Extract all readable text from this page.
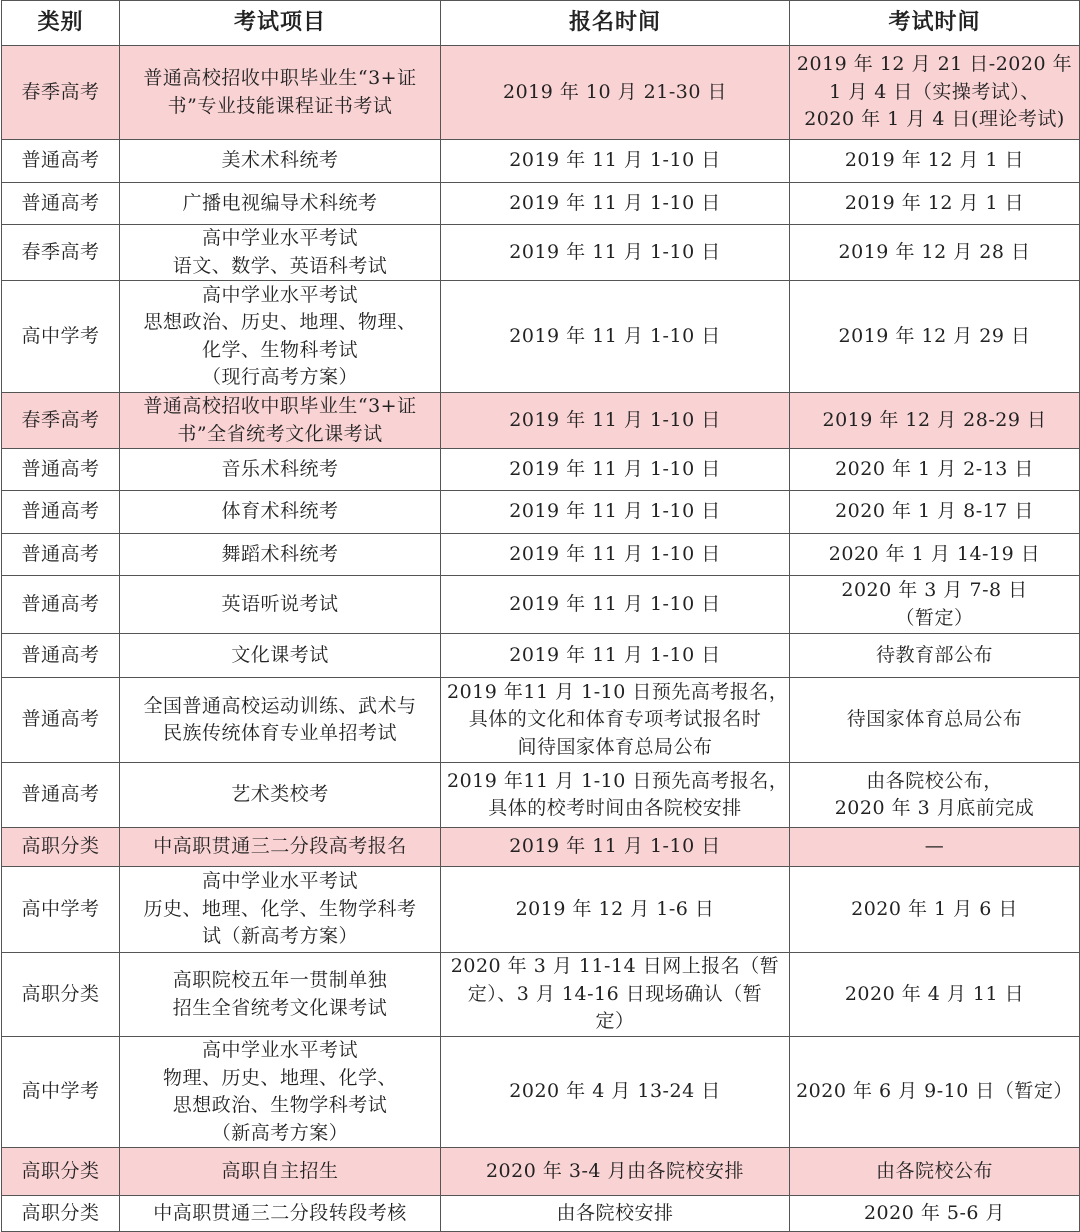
类别	考试项目	报名时间	考试时间
春季高考	普通高校招收中职毕业生“3+证
书”专业技能课程证书考试	2019 年 10 月 21-30 日	2019 年 12 月 21 日-2020 年
1 月 4 日（实操考试）、
2020 年 1 月 4 日(理论考试)

普通高考	美术术科统考	2019 年 11 月 1-10 日	2019 年 12 月 1 日

普通高考	广播电视编导术科统考	2019 年 11 月 1-10 日	2019 年 12 月 1 日

春季高考	高中学业水平考试
语文、数学、英语科考试	2019 年 11 月 1-10 日	2019 年 12 月 28 日

高中学考	高中学业水平考试
思想政治、历史、地理、物理、
化学、生物科考试
（现行高考方案）	2019 年 11 月 1-10 日	2019 年 12 月 29 日

春季高考	普通高校招收中职毕业生“3+证
书”全省统考文化课考试	2019 年 11 月 1-10 日	2019 年 12 月 28-29 日

普通高考	音乐术科统考	2019 年 11 月 1-10 日	2020 年 1 月 2-13 日

普通高考	体育术科统考	2019 年 11 月 1-10 日	2020 年 1 月 8-17 日

普通高考	舞蹈术科统考	2019 年 11 月 1-10 日	2020 年 1 月 14-19 日

普通高考	英语听说考试	2019 年 11 月 1-10 日	2020 年 3 月 7-8 日
（暂定）

普通高考	文化课考试	2019 年 11 月 1-10 日	待教育部公布

普通高考	全国普通高校运动训练、武术与
民族传统体育专业单招考试	2019 年11 月 1-10 日预先高考报名，
具体的文化和体育专项考试报名时
间待国家体育总局公布	待国家体育总局公布

普通高考	艺术类校考	2019 年11 月 1-10 日预先高考报名，
具体的校考时间由各院校安排	由各院校公布，
2020 年 3 月底前完成

高职分类	中高职贯通三二分段高考报名	2019 年 11 月 1-10 日	—

高中学考	高中学业水平考试
历史、地理、化学、生物学科考
试（新高考方案）	2019 年 12 月 1-6 日	2020 年 1 月 6 日

高职分类	高职院校五年一贯制单独
招生全省统考文化课考试	2020 年 3 月 11-14 日网上报名（暂
定）、3 月 14-16 日现场确认（暂
定）	2020 年 4 月 11 日

高中学考	高中学业水平考试
物理、历史、地理、化学、
思想政治、生物学科考试
（新高考方案）	2020 年 4 月 13-24 日	2020 年 6 月 9-10 日（暂定）

高职分类	高职自主招生	2020 年 3-4 月由各院校安排	由各院校公布

高职分类	中高职贯通三二分段转段考核	由各院校安排	2020 年 5-6 月
